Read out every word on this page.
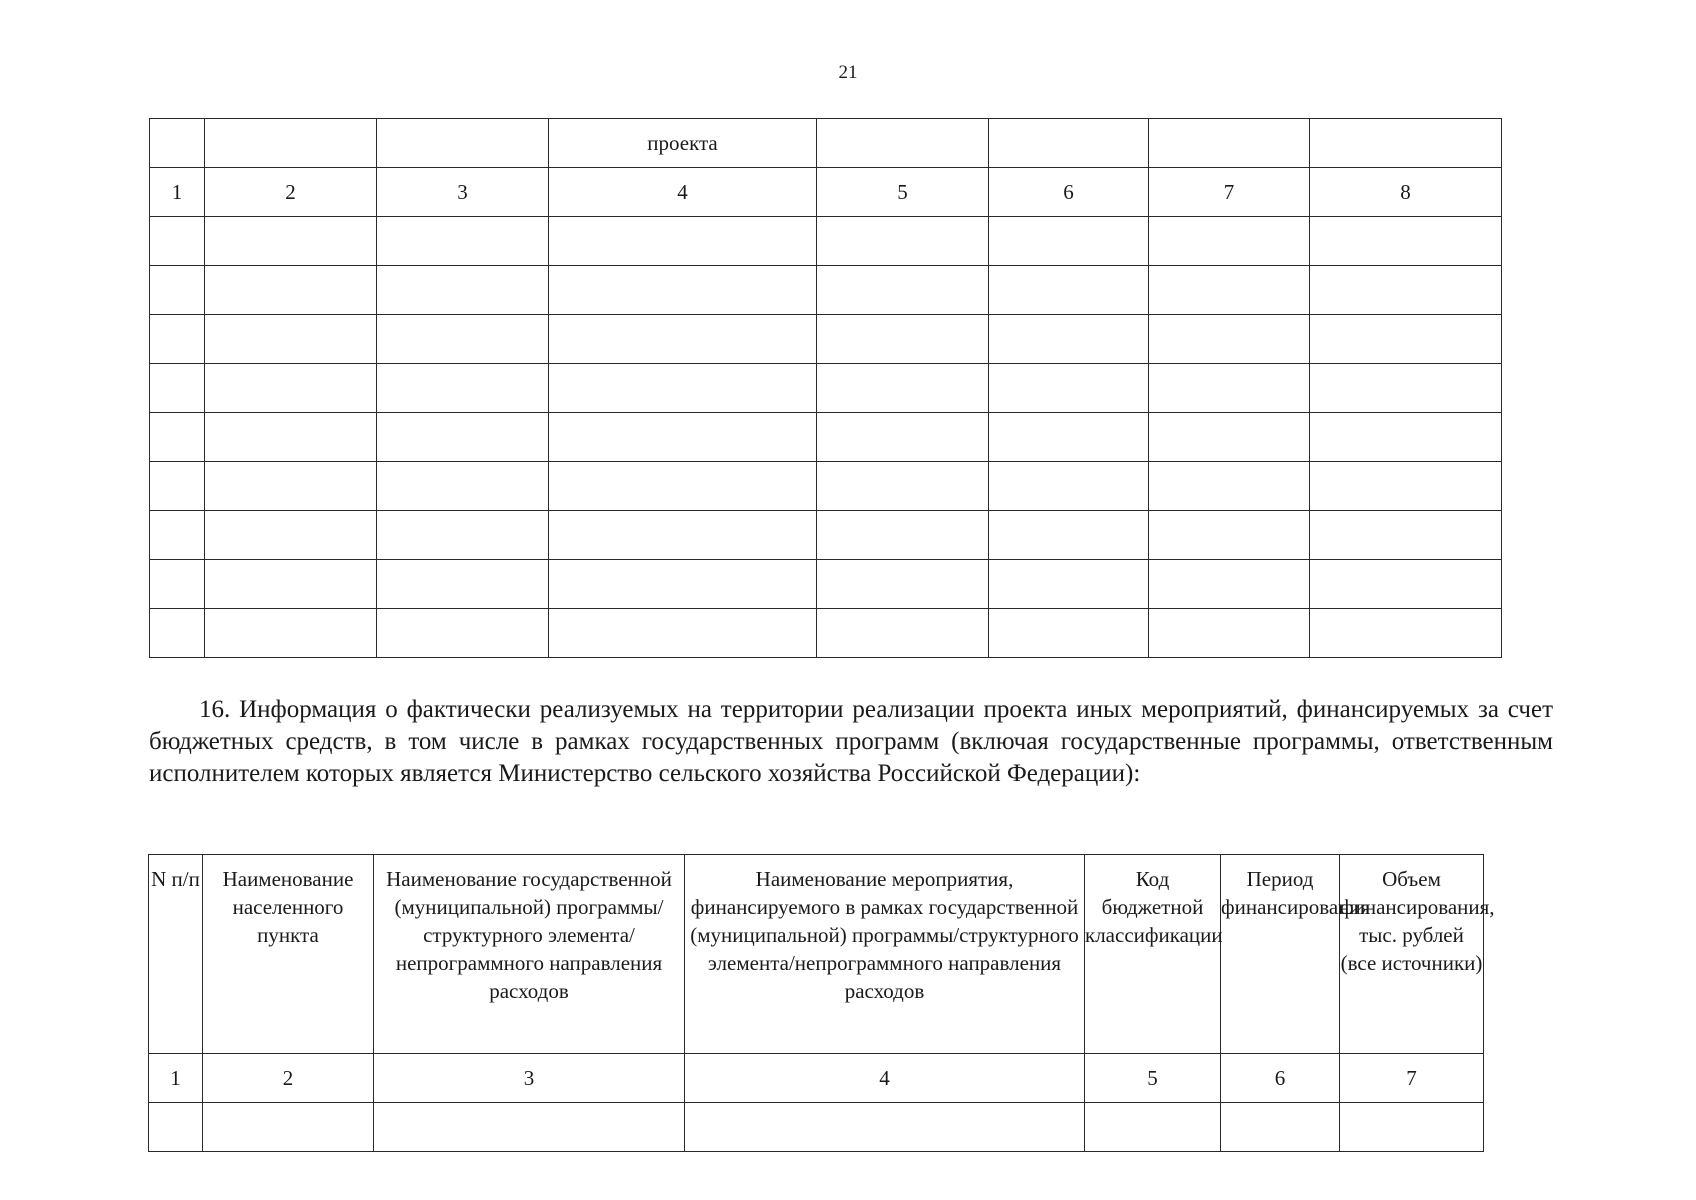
21
			проекта				
1	2	3	4	5	6	7	8

16. Информация о фактически реализуемых на территории реализации проекта иных мероприятий, финансируемых за счет бюджетных средств, в том числе в рамках государственных программ (включая государственные программы, ответственным исполнителем которых является Министерство сельского хозяйства Российской Федерации):
N п/п	Наименование населенного пункта	Наименование государственной (муниципальной) программы/структурного элемента/непрограммного направления расходов	Наименование мероприятия, финансируемого в рамках государственной (муниципальной) программы/структурного элемента/непрограммного направления расходов	Код бюджетной классификации	Период финансирования	Объем финансирования, тыс. рублей (все источники)
1	2	3	4	5	6	7
